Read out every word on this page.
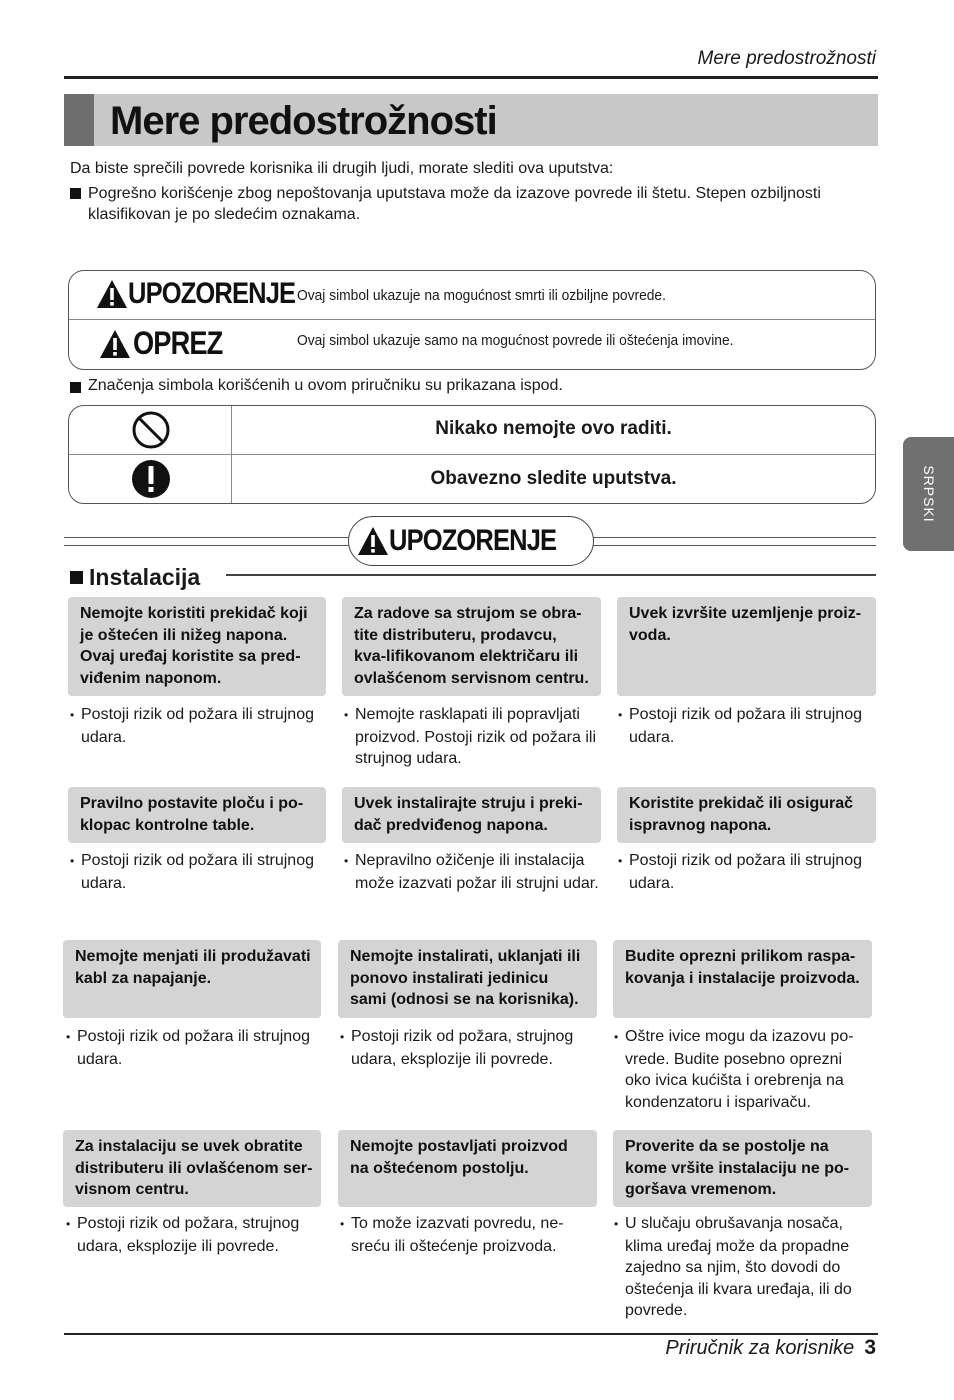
Mere predostrožnosti
Mere predostrožnosti
Da biste sprečili povrede korisnika ili drugih ljudi, morate slediti ova uputstva:
Pogrešno korišćenje zbog nepoštovanja uputstava može da izazove povrede ili štetu. Stepen ozbiljnosti klasifikovan je po sledećim oznakama.
UPOZORENJE Ovaj simbol ukazuje na mogućnost smrti ili ozbiljne povrede.
OPREZ	Ovaj simbol ukazuje samo na mogućnost povrede ili oštećenja imovine.
Značenja simbola korišćenih u ovom priručniku su prikazana ispod.
Nikako nemojte ovo raditi.
Obavezno sledite uputstva.
UPOZORENJE
Instalacija
Nemojte koristiti prekidač koji je oštećen ili nižeg napona. Ovaj uređaj koristite sa pred-viđenim naponom.
Za radove sa strujom se obra-tite distributeru, prodavcu, kva-lifikovanom električaru ili ovlašćenom servisnom centru.
Uvek izvršite uzemljenje proiz-voda.
• Postoji rizik od požara ili strujnog udara.
• Nemojte rasklapati ili popravljati proizvod. Postoji rizik od požara ili strujnog udara.
• Postoji rizik od požara ili strujnog udara.
Pravilno postavite ploču i po-klopac kontrolne table.
Uvek instalirajte struju i preki-dač predviđenog napona.
Koristite prekidač ili osigurač ispravnog napona.
• Postoji rizik od požara ili strujnog udara.
• Nepravilno ožičenje ili instalacija može izazvati požar ili strujni udar.
• Postoji rizik od požara ili strujnog udara.
Nemojte menjati ili produžavati kabl za napajanje.
Nemojte instalirati, uklanjati ili ponovo instalirati jedinicu sami (odnosi se na korisnika).
Budite oprezni prilikom raspa-kovanja i instalacije proizvoda.
• Postoji rizik od požara ili strujnog udara.
• Postoji rizik od požara, strujnog udara, eksplozije ili povrede.
• Oštre ivice mogu da izazovu po-vrede. Budite posebno oprezni oko ivica kućišta i orebrenja na kondenzatoru i isparivaču.
Za instalaciju se uvek obratite distributeru ili ovlašćenom ser-visnom centru.
Nemojte postavljati proizvod na oštećenom postolju.
Proverite da se postolje na kome vršite instalaciju ne po-goršava vremenom.
• Postoji rizik od požara, strujnog udara, eksplozije ili povrede.
• To može izazvati povredu, ne-sreću ili oštećenje proizvoda.
• U slučaju obrušavanja nosača, klima uređaj može da propadne zajedno sa njim, što dovodi do oštećenja ili kvara uređaja, ili do povrede.
SRPSKI
Priručnik za korisnike 3
